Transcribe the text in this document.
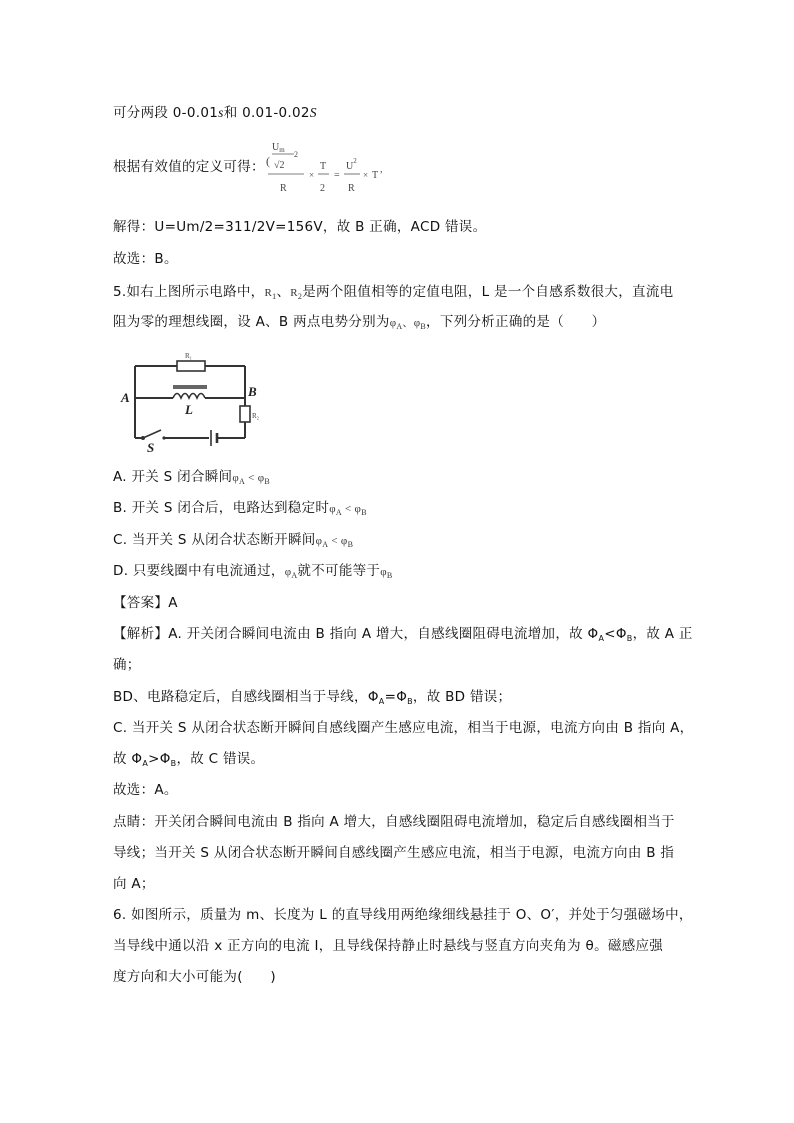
可分两段 0-0.01s和 0.01-0.02S
根据有效值的定义可得：
$U_m$
( √2
2
R
×
T
2
=
$U^2$
R
× T
,
解得：U=Um/2=311/2V=156V，故 B 正确，ACD 错误。
故选：B。
5.如右上图所示电路中，$R_1$、$R_2$是两个阻值相等的定值电阻，L 是一个自感系数很大，直流电
阻为零的理想线圈，设 A、B 两点电势分别为$\varphi_A$、$\varphi_B$，下列分析正确的是（　　）
A	B
L
S
R₁
R₂
A. 开关 S 闭合瞬间$\varphi_A < \varphi_B$
B. 开关 S 闭合后，电路达到稳定时$\varphi_A < \varphi_B$
C. 当开关 S 从闭合状态断开瞬间$\varphi_A < \varphi_B$
D. 只要线圈中有电流通过，$\varphi_A$就不可能等于$\varphi_B$
【答案】A
【解析】A. 开关闭合瞬间电流由 B 指向 A 增大，自感线圈阻碍电流增加，故 $\Phi_A<\Phi_B$，故 A 正
确；
BD、电路稳定后，自感线圈相当于导线，$\Phi_A=\Phi_B$，故 BD 错误；
C. 当开关 S 从闭合状态断开瞬间自感线圈产生感应电流，相当于电源，电流方向由 B 指向 A，
故 $\Phi_A>\Phi_B$，故 C 错误。
故选：A。
点睛：开关闭合瞬间电流由 B 指向 A 增大，自感线圈阻碍电流增加，稳定后自感线圈相当于
导线；当开关 S 从闭合状态断开瞬间自感线圈产生感应电流，相当于电源，电流方向由 B 指
向 A；
6. 如图所示，质量为 m、长度为 L 的直导线用两绝缘细线悬挂于 O、O′，并处于匀强磁场中，
当导线中通以沿 x 正方向的电流 I，且导线保持静止时悬线与竖直方向夹角为 θ。磁感应强
度方向和大小可能为(　　)
